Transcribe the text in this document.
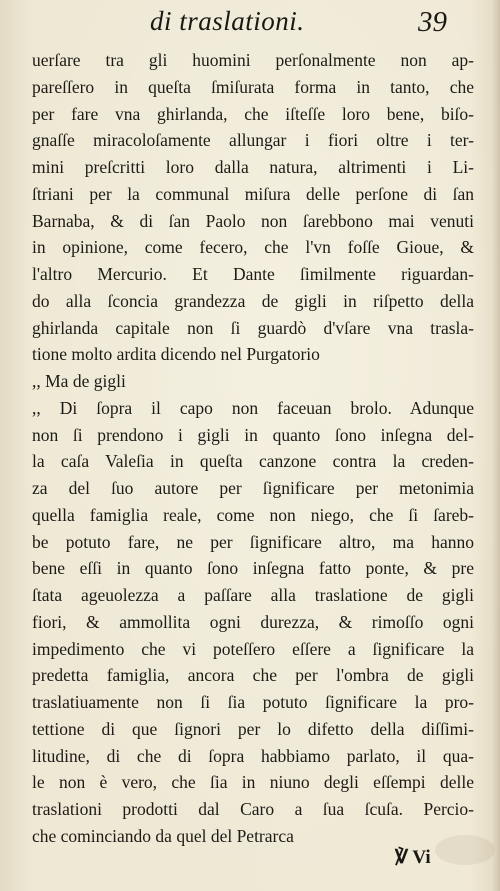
di traslationi.	39
uerſare tra gli huomini perſonalmente non ap-
pareſſero in queſta ſmiſurata forma in tanto, che
per fare vna ghirlanda, che iſteſſe loro bene, biſo-
gnaſſe miracoloſamente allungar i fiori oltre i ter-
mini preſcritti loro dalla natura, altrimenti i Li-
ſtriani per la communal miſura delle perſone di ſan
Barnaba, & di ſan Paolo non ſarebbono mai venuti
in opinione, come fecero, che l'vn foſſe Gioue, &
l'altro Mercurio. Et Dante ſimilmente riguardan-
do alla ſconcia grandezza de gigli in riſpetto della
ghirlanda capitale non ſi guardò d'vſare vna trasla-
tione molto ardita dicendo nel Purgatorio
,, Ma de gigli
,, Di ſopra il capo non faceuan brolo. Adunque
non ſi prendono i gigli in quanto ſono inſegna del-
la caſa Valeſia in queſta canzone contra la creden-
za del ſuo autore per ſignificare per metonimia
quella famiglia reale, come non niego, che ſi ſareb-
be potuto fare, ne per ſignificare altro, ma hanno
bene eſſi in quanto ſono inſegna fatto ponte, & pre
ſtata ageuolezza a paſſare alla traslatione de gigli
fiori, & ammollita ogni durezza, & rimoſſo ogni
impedimento che vi poteſſero eſſere a ſignificare la
predetta famiglia, ancora che per l'ombra de gigli
traslatiuamente non ſi ſia potuto ſignificare la pro-
tettione di que ſignori per lo difetto della diſſimi-
litudine, di che di ſopra habbiamo parlato, il qua-
le non è vero, che ſia in niuno degli eſſempi delle
traslationi prodotti dal Caro a ſua ſcuſa. Percio-
che cominciando da quel del Petrarca
℣ Vi
